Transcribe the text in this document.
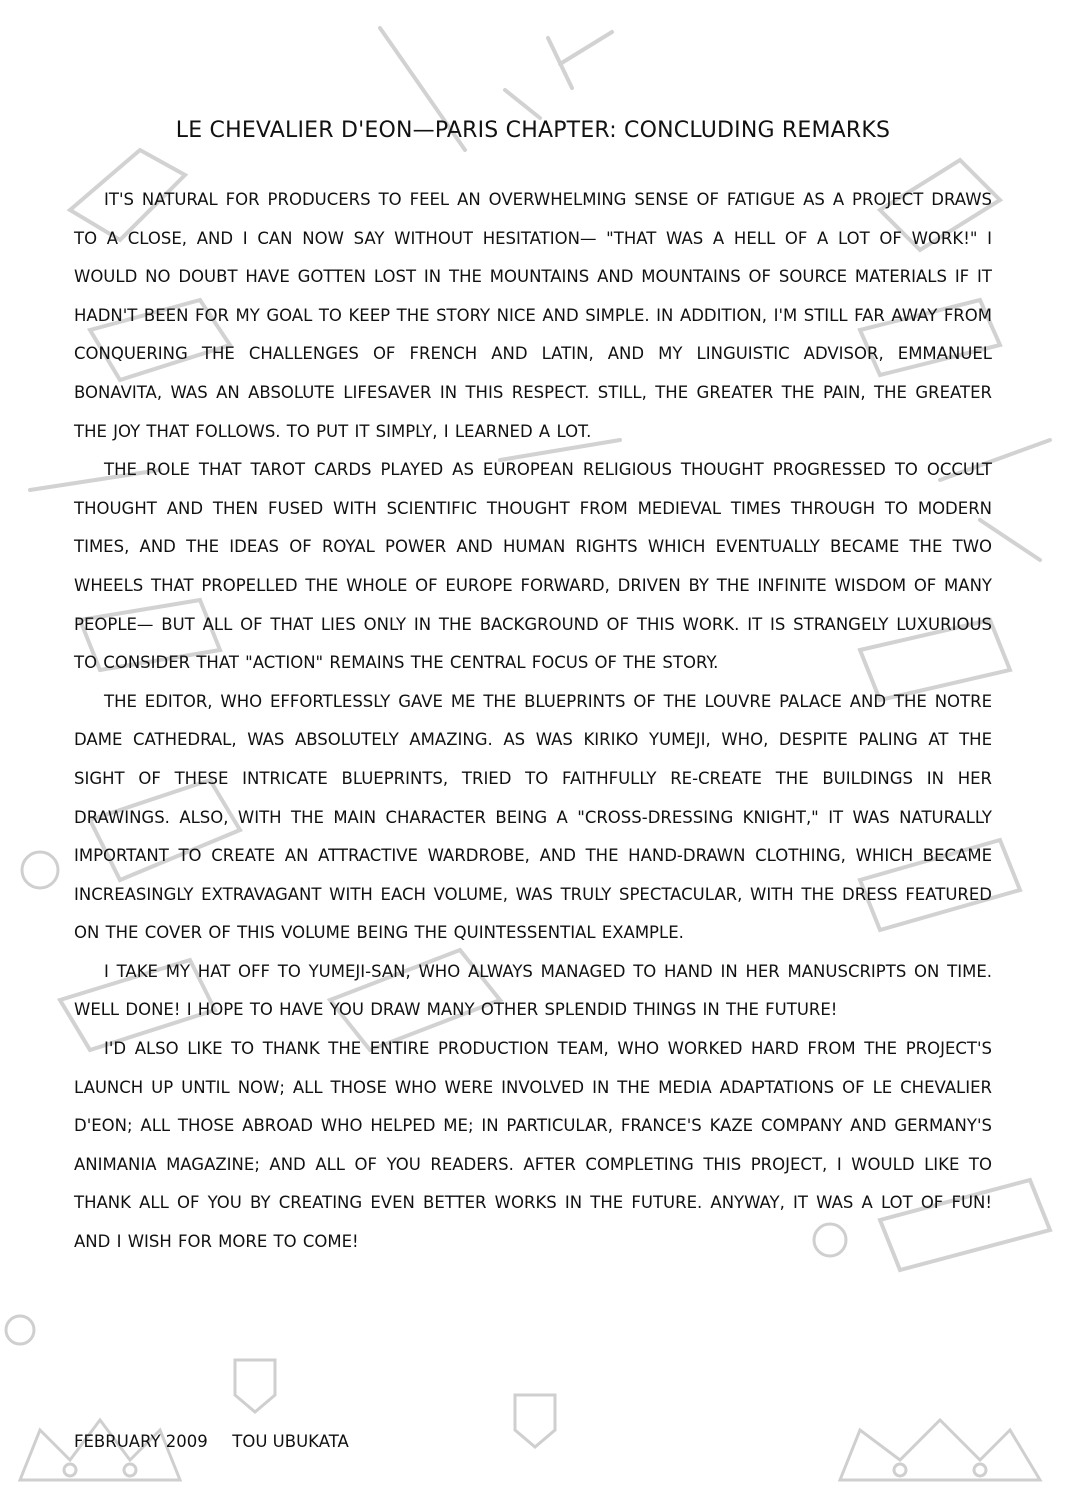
LE CHEVALIER D'EON—PARIS CHAPTER: CONCLUDING REMARKS

IT'S NATURAL FOR PRODUCERS TO FEEL AN OVERWHELMING SENSE OF FATIGUE AS A PROJECT DRAWS TO A CLOSE, AND I CAN NOW SAY WITHOUT HESITATION— "THAT WAS A HELL OF A LOT OF WORK!" I WOULD NO DOUBT HAVE GOTTEN LOST IN THE MOUNTAINS AND MOUNTAINS OF SOURCE MATERIALS IF IT HADN'T BEEN FOR MY GOAL TO KEEP THE STORY NICE AND SIMPLE. IN ADDITION, I'M STILL FAR AWAY FROM CONQUERING THE CHALLENGES OF FRENCH AND LATIN, AND MY LINGUISTIC ADVISOR, EMMANUEL BONAVITA, WAS AN ABSOLUTE LIFESAVER IN THIS RESPECT. STILL, THE GREATER THE PAIN, THE GREATER THE JOY THAT FOLLOWS. TO PUT IT SIMPLY, I LEARNED A LOT.

THE ROLE THAT TAROT CARDS PLAYED AS EUROPEAN RELIGIOUS THOUGHT PROGRESSED TO OCCULT THOUGHT AND THEN FUSED WITH SCIENTIFIC THOUGHT FROM MEDIEVAL TIMES THROUGH TO MODERN TIMES, AND THE IDEAS OF ROYAL POWER AND HUMAN RIGHTS WHICH EVENTUALLY BECAME THE TWO WHEELS THAT PROPELLED THE WHOLE OF EUROPE FORWARD, DRIVEN BY THE INFINITE WISDOM OF MANY PEOPLE— BUT ALL OF THAT LIES ONLY IN THE BACKGROUND OF THIS WORK. IT IS STRANGELY LUXURIOUS TO CONSIDER THAT "ACTION" REMAINS THE CENTRAL FOCUS OF THE STORY.

THE EDITOR, WHO EFFORTLESSLY GAVE ME THE BLUEPRINTS OF THE LOUVRE PALACE AND THE NOTRE DAME CATHEDRAL, WAS ABSOLUTELY AMAZING. AS WAS KIRIKO YUMEJI, WHO, DESPITE PALING AT THE SIGHT OF THESE INTRICATE BLUEPRINTS, TRIED TO FAITHFULLY RE-CREATE THE BUILDINGS IN HER DRAWINGS. ALSO, WITH THE MAIN CHARACTER BEING A "CROSS-DRESSING KNIGHT," IT WAS NATURALLY IMPORTANT TO CREATE AN ATTRACTIVE WARDROBE, AND THE HAND-DRAWN CLOTHING, WHICH BECAME INCREASINGLY EXTRAVAGANT WITH EACH VOLUME, WAS TRULY SPECTACULAR, WITH THE DRESS FEATURED ON THE COVER OF THIS VOLUME BEING THE QUINTESSENTIAL EXAMPLE.

I TAKE MY HAT OFF TO YUMEJI-SAN, WHO ALWAYS MANAGED TO HAND IN HER MANUSCRIPTS ON TIME. WELL DONE! I HOPE TO HAVE YOU DRAW MANY OTHER SPLENDID THINGS IN THE FUTURE!

I'D ALSO LIKE TO THANK THE ENTIRE PRODUCTION TEAM, WHO WORKED HARD FROM THE PROJECT'S LAUNCH UP UNTIL NOW; ALL THOSE WHO WERE INVOLVED IN THE MEDIA ADAPTATIONS OF LE CHEVALIER D'EON; ALL THOSE ABROAD WHO HELPED ME; IN PARTICULAR, FRANCE'S KAZE COMPANY AND GERMANY'S ANIMANIA MAGAZINE; AND ALL OF YOU READERS. AFTER COMPLETING THIS PROJECT, I WOULD LIKE TO THANK ALL OF YOU BY CREATING EVEN BETTER WORKS IN THE FUTURE. ANYWAY, IT WAS A LOT OF FUN! AND I WISH FOR MORE TO COME!

FEBRUARY 2009 TOU UBUKATA
